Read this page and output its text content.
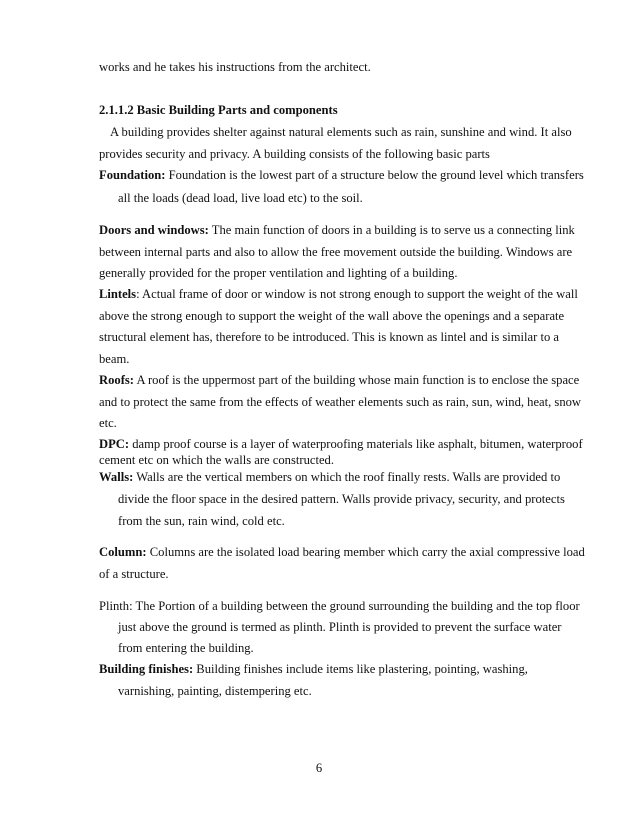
works and he takes his instructions from the architect.
2.1.1.2 Basic Building Parts and components
A building provides shelter against natural elements such as rain, sunshine and wind. It also
provides security and privacy. A building consists of the following basic parts
Foundation: Foundation is the lowest part of a structure below the ground level which transfers
all the loads (dead load, live load etc) to the soil.
Doors and windows: The main function of doors in a building is to serve us a connecting link
between internal parts and also to allow the free movement outside the building. Windows are
generally provided for the proper ventilation and lighting of a building.
Lintels: Actual frame of door or window is not strong enough to support the weight of the wall
above the strong enough to support the weight of the wall above the openings and a separate
structural element has, therefore to be introduced. This is known as lintel and is similar to a
beam.
Roofs: A roof is the uppermost part of the building whose main function is to enclose the space
and to protect the same from the effects of weather elements such as rain, sun, wind, heat, snow
etc.
DPC: damp proof course is a layer of waterproofing materials like asphalt, bitumen, waterproof
cement etc on which the walls are constructed.
Walls: Walls are the vertical members on which the roof finally rests. Walls are provided to
divide the floor space in the desired pattern. Walls provide privacy, security, and protects
from the sun, rain wind, cold etc.
Column: Columns are the isolated load bearing member which carry the axial compressive load
of a structure.
Plinth: The Portion of a building between the ground surrounding the building and the top floor
just above the ground is termed as plinth. Plinth is provided to prevent the surface water
from entering the building.
Building finishes: Building finishes include items like plastering, pointing, washing,
varnishing, painting, distempering etc.
6
